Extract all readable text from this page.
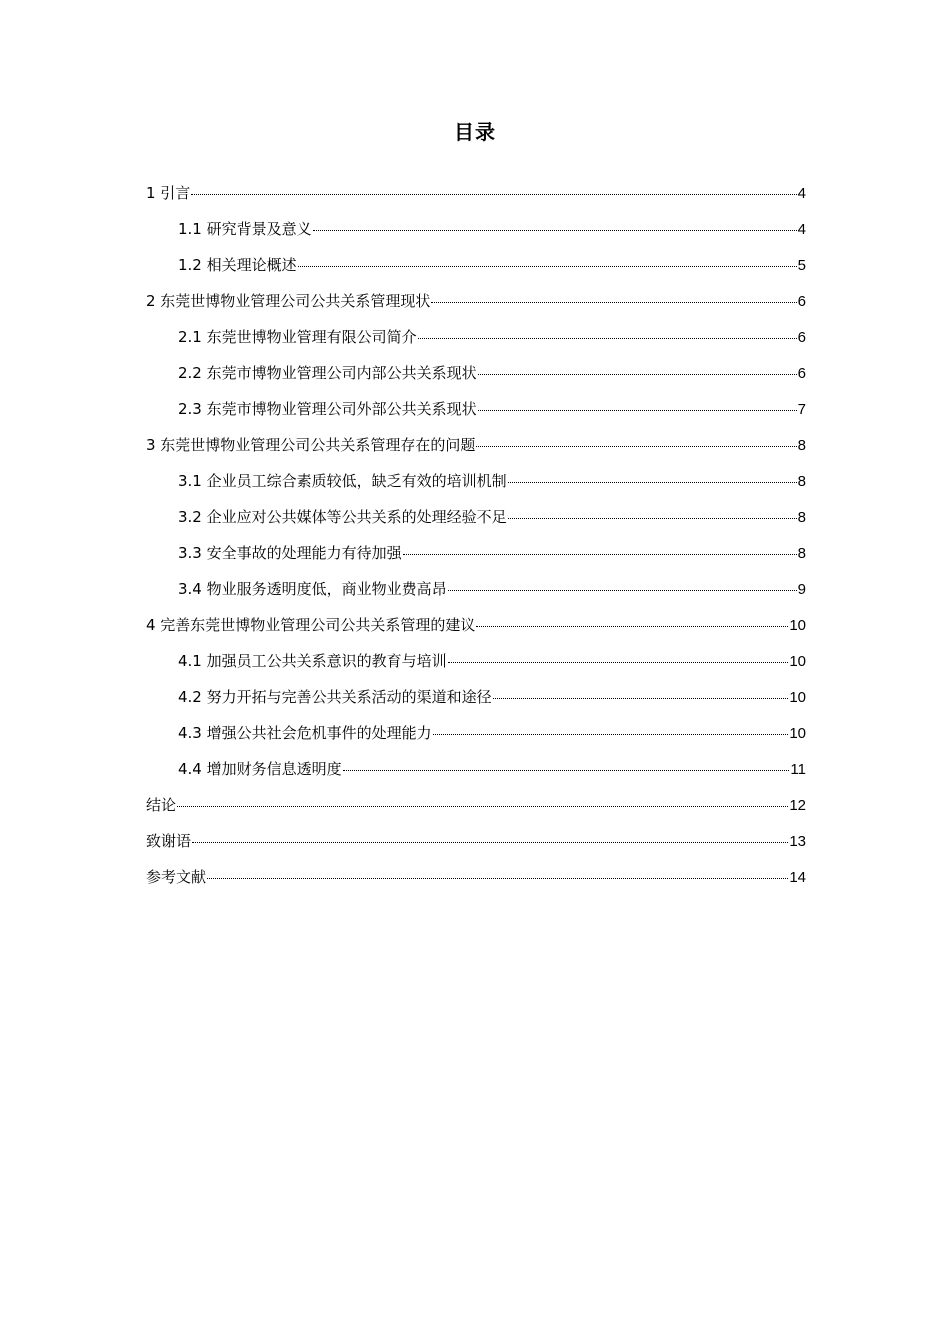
目录
1 引言	4
1.1 研究背景及意义	4
1.2 相关理论概述	5
2 东莞世博物业管理公司公共关系管理现状	6
2.1 东莞世博物业管理有限公司简介	6
2.2 东莞市博物业管理公司内部公共关系现状	6
2.3 东莞市博物业管理公司外部公共关系现状	7
3 东莞世博物业管理公司公共关系管理存在的问题	8
3.1 企业员工综合素质较低，缺乏有效的培训机制	8
3.2 企业应对公共媒体等公共关系的处理经验不足	8
3.3 安全事故的处理能力有待加强	8
3.4 物业服务透明度低，商业物业费高昂	9
4 完善东莞世博物业管理公司公共关系管理的建议	10
4.1 加强员工公共关系意识的教育与培训	10
4.2 努力开拓与完善公共关系活动的渠道和途径	10
4.3 增强公共社会危机事件的处理能力	10
4.4 增加财务信息透明度	11
结论	12
致谢语	13
参考文献	14
